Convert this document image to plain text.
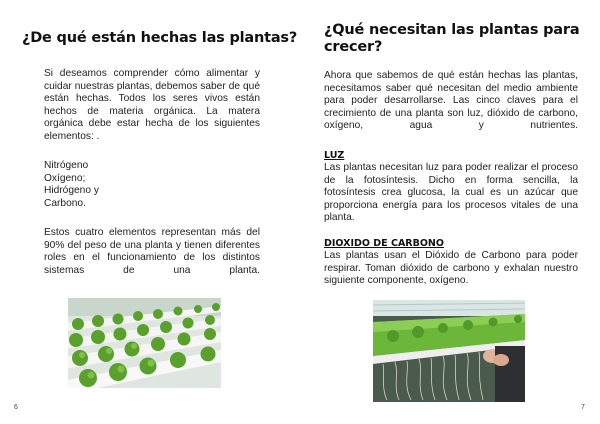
¿De qué están hechas las plantas?
Si deseamos comprender cómo alimentar y cuidar nuestras plantas, debemos saber de qué están hechas. Todos los seres vivos están hechos de materia orgánica. La matera orgánica debe estar hecha de los siguientes elementos: .
Nitrógeno
Oxígeno;
Hidrógeno y
Carbono.
Estos cuatro elementos representan más del 90% del peso de una planta y tienen diferentes roles en el funcionamiento de los distintos sistemas de una planta.
6
¿Qué necesitan las plantas para crecer?
Ahora que sabemos de qué están hechas las plantas, necesitamos saber qué necesitan del medio ambiente para poder desarrollarse. Las cinco claves para el crecimiento de una planta son luz, dióxido de carbono, oxígeno, agua y nutrientes.
LUZ
Las plantas necesitan luz para poder realizar el proceso de la fotosíntesis. Dicho en forma sencilla, la fotosíntesis crea glucosa, la cual es un azúcar que proporciona energía para los procesos vitales de una planta.
DIOXIDO DE CARBONO
Las plantas usan el Dióxido de Carbono para poder respirar. Toman dióxido de carbono y exhalan nuestro siguiente componente, oxígeno.
7
